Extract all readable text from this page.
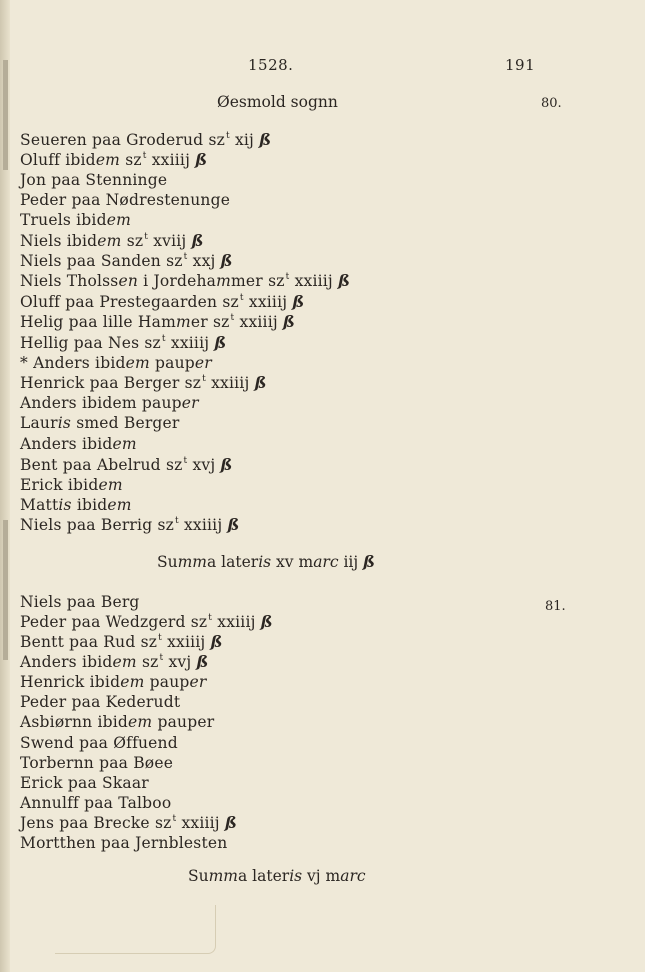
1528.	191
Øesmold sognn	80.
Seueren paa Groderud $sz^t$ xij ß
Oluff ibidem $sz^t$ xxiiij ß
Jon paa Stenninge
Peder paa Nødrestenunge
Truels ibidem
Niels ibidem $sz^t$ xviij ß
Niels paa Sanden $sz^t$ xxj ß
Niels Tholssen i Jordehammer $sz^t$ xxiiij ß
Oluff paa Prestegaarden $sz^t$ xxiiij ß
Helig paa lille Hammer $sz^t$ xxiiij ß
Hellig paa Nes $sz^t$ xxiiij ß
* Anders ibidem pauper
Henrick paa Berger $sz^t$ xxiiij ß
Anders ibidem pauper
Lauris smed Berger
Anders ibidem
Bent paa Abelrud $sz^t$ xvj ß
Erick ibidem
Mattis ibidem
Niels paa Berrig $sz^t$ xxiiij ß
Summa lateris xv marc iij ß
Niels paa Berg	81.
Peder paa Wedzgerd $sz^t$ xxiiij ß
Bentt paa Rud $sz^t$ xxiiij ß
Anders ibidem $sz^t$ xvj ß
Henrick ibidem pauper
Peder paa Kederudt
Asbiørnn ibidem pauper
Swend paa Øffuend
Torbernn paa Bøee
Erick paa Skaar
Annulff paa Talboo
Jens paa Brecke $sz^t$ xxiiij ß
Mortthen paa Jernblesten
Summa lateris vj marc
